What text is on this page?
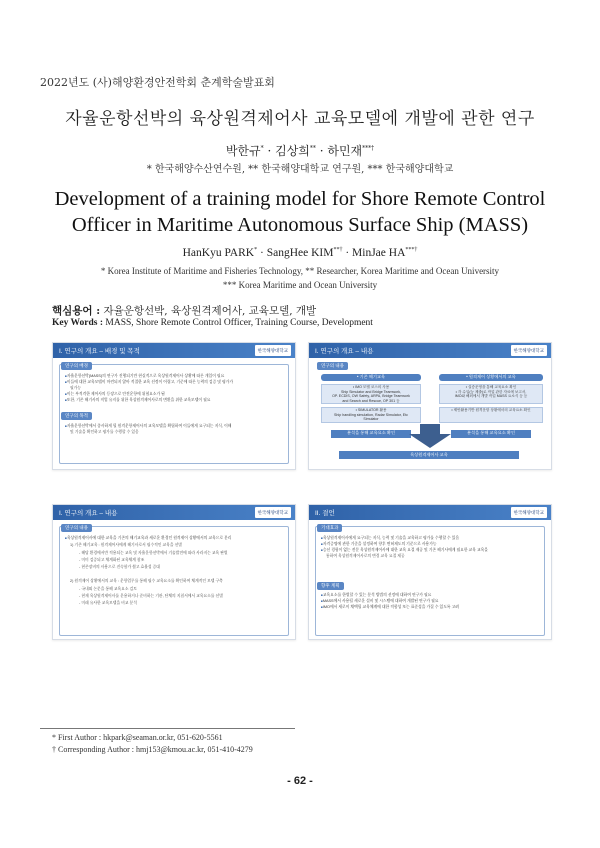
2022년도 (사)해양환경안전학회 춘계학술발표회
자율운항선박의 육상원격제어사 교육모델에 개발에 관한 연구
박한규* · 김상희** · 하민재***†
* 한국해양수산연수원, ** 한국해양대학교 연구원, *** 한국해양대학교
Development of a training model for Shore Remote Control Officer in Maritime Autonomous Surface Ship (MASS)
HanKyu PARK* · SangHee KIM**† · MinJae HA***†
* Korea Institute of Maritime and Fisheries Technology, ** Researcher, Korea Maritime and Ocean University
*** Korea Maritime and Ocean University
핵심용어 : 자율운항선박, 육상원격제어사, 교육모델, 개발
Key Words : MASS, Shore Remote Control Officer, Training Course, Development
I. 연구의 개요 – 배경 및 목적	한국해양대학교
연구의 배경
■ 자율운항선박(MASS)의 연구가 진행되기만 현실적으로 육상원격제어사 상황에 따른 개입이 필요
■ 이들에 대한 교육모델이 마련되지 않아 적절한 교육 선정이 어렵고, 기준에 따른 능력의 검증 및 평가가
필가능
■ 이는 부적격한 제어사의 등장으로 안전운항에 위협요소가 됨
■ 또한, 기존 해기사의 직업 유지를 위한 육상원격제어사로의 변환을 위한 교육모델이 필요
연구의 목적
■ 자율운항선박에서 종사하게 될 원격운항제어사의 교육모델을 확립하여 이들에게 요구되는 지식, 이해
및 기술을 확인하고 평가를 수행할 수 있음
I. 연구의 개요 – 내용	한국해양대학교
연구의 내용
• 기존 해기교육
• IMO 모델 코스의 사용
Ship Simulator and Bridge Teamwork,
OP. ECDIS, OW Safety, ARPA, Bridge Teamwork
and Search and Rescue, OP 301 등
• SIMULATOR 활용
Ship handling simulation, Radar Simulator, Etc
Simulator
분석을 통해 교육요소 확인
• 원격제어 상황에서의 교육
• 실증운영을 통해 교육요소 확인
• 각 수입(능 제출)로 작업 관한 자료에 보고서,
IMO와 해외에서 개발 작업 MASS 요소식 등 등
• 제안활용기반 원격운항 상황에서의 교육요소 확인
분석을 통해 교육요소 확인
육상원격제어사 교육
I. 연구의 개요 – 내용	한국해양대학교
연구의 내용
■ 육상원격제어사에 대한 교육을 기존의 해기교육과 새로운 환경인 원격제어 상황에서의 교육으로 분리
1) 기존 해기교육 : 원격제어사에게 해기사로서 필수적인 교육을 선별
- 해당 환경에서만 적용되는 교육 및 자율운항선박에서 기술발전에 따라 사라지는 교육 판별
- 미미 검증되고 체계화된 교육체계 참조
- 현존장비의 사용으로 진숙함가 쉽고 효율성 증대
2) 원격제어 상황에서의 교육 : 운항업무를 통해 필수 교육요소를 확인하여 체계적인 모델 구축
- 국내외 논문을 통해 교육요소 검토
- 현재 육상원격제어사를 운용하거나 준비하는 기관, 단체의 지침서에서 교육요소를 선별
- 미래 유사한 교육모델을 비교 분석
II. 결언	한국해양대학교
기대효과
■ 육상원격제어사에게 요구되는 지식, 능력 및 기술을 교육하고 평가를 수행할 수 있음
■ 자격증명에 관한 기준을 설정하여 향후 면허제도의 기준으로 사용가능
■ 승선 경험이 없는 전문 육상원격제어사에 대한 교육 요절 제공 및 기존 해기사에게 필요한 교육 교육을
통하여 육상원격제어사로의 변경 교육 요절 제공
향후 계획
■ 교육요소를 한별할 수 있는 분석 방법의 선정에 대하여 연구가 필요
■ MASS에서 사용될 새로운 설비 및 시스템에 대하여 개발된 연구가 필요
■ IMO에서 새로이 채택될 교육체계에 대한 적합성 또는 표준성을 가질 수 있도록 고려
* First Author : hkpark@seaman.or.kr, 051-620-5561
† Corresponding Author : hmj153@kmou.ac.kr, 051-410-4279
- 62 -
